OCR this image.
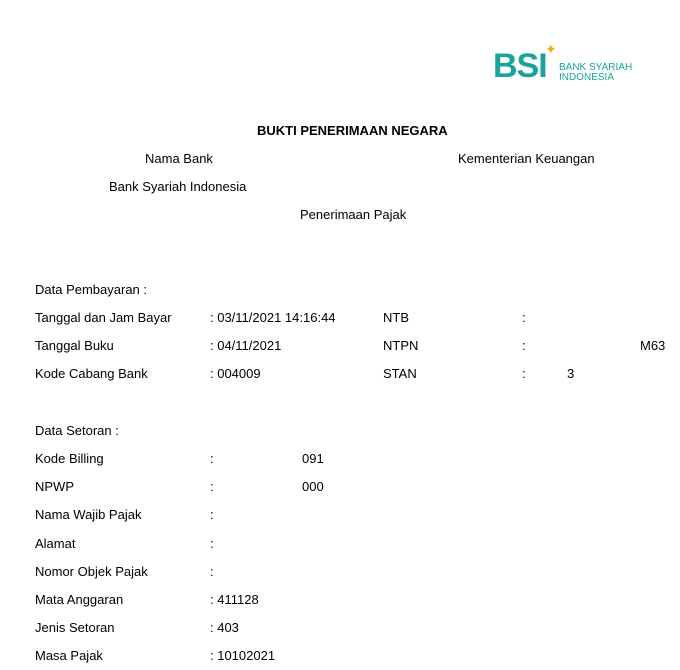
BSI
✦
BANK SYARIAH
INDONESIA
BUKTI PENERIMAAN NEGARA
Nama Bank	Kementerian Keuangan
Bank Syariah Indonesia
Penerimaan Pajak
Data Pembayaran :
Tanggal dan Jam Bayar	: 03/11/2021 14:16:44	NTB	:
Tanggal Buku	: 04/11/2021	NTPN	:	M63
Kode Cabang Bank	: 004009	STAN	:	3
Data Setoran :
Kode Billing	:	091
NPWP	:	000
Nama Wajib Pajak	:
Alamat	:
Nomor Objek Pajak	:
Mata Anggaran	: 411128
Jenis Setoran	: 403
Masa Pajak	: 10102021
